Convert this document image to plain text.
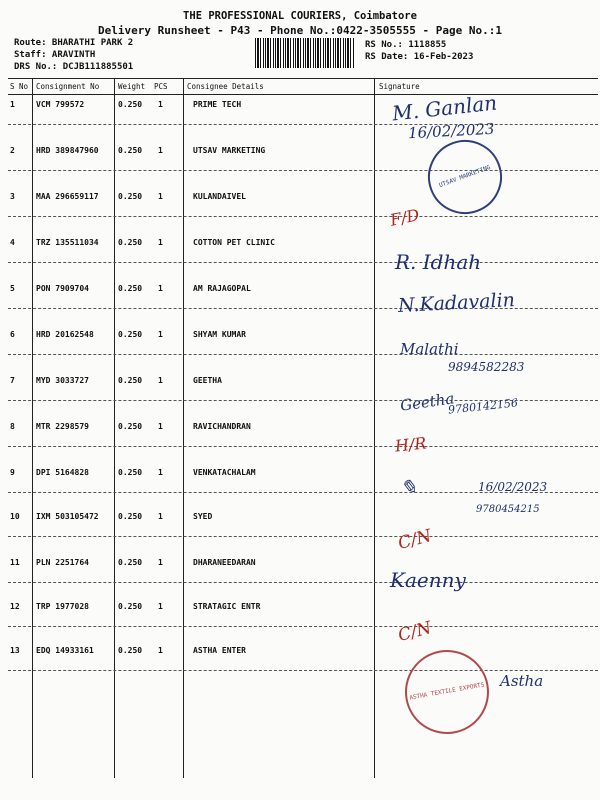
THE PROFESSIONAL COURIERS, Coimbatore
Delivery Runsheet - P43 - Phone No.:0422-3505555 - Page No.:1
Route: BHARATHI PARK 2
Staff: ARAVINTH
DRS No.: DCJB111885501
RS No.: 1118855
RS Date: 16-Feb-2023
S No Consignment No	Weight PCS	Consignee Details	Signature
1	VCM 799572	0.250 1	PRIME TECH
2	HRD 389847960 0.250 1	UTSAV MARKETING
3	MAA 296659117 0.250 1	KULANDAIVEL
4	TRZ 135511034 0.250 1	COTTON PET CLINIC
5	PON 7909704	0.250 1	AM RAJAGOPAL
6	HRD 20162548	0.250 1	SHYAM KUMAR
7	MYD 3033727	0.250 1	GEETHA
8	MTR 2298579	0.250 1	RAVICHANDRAN
9	DPI 5164828	0.250 1	VENKATACHALAM
10 IXM 503105472 0.250 1	SYED
11 PLN 2251764	0.250 1	DHARANEEDARAN
12 TRP 1977028	0.250 1	STRATAGIC ENTR
13 EDQ 14933161	0.250 1	ASTHA ENTER
M. Ganlan
16/02/2023
UTSAV MARKETING
F/D
R. Idhah
N.Kadavalin
Malathi
9894582283
Geetha
9780142156
H/R
✎	16/02/2023
9780454215
C/N
Kaenny
C/N
ASTHA TEXTILE EXPORTS
Astha
